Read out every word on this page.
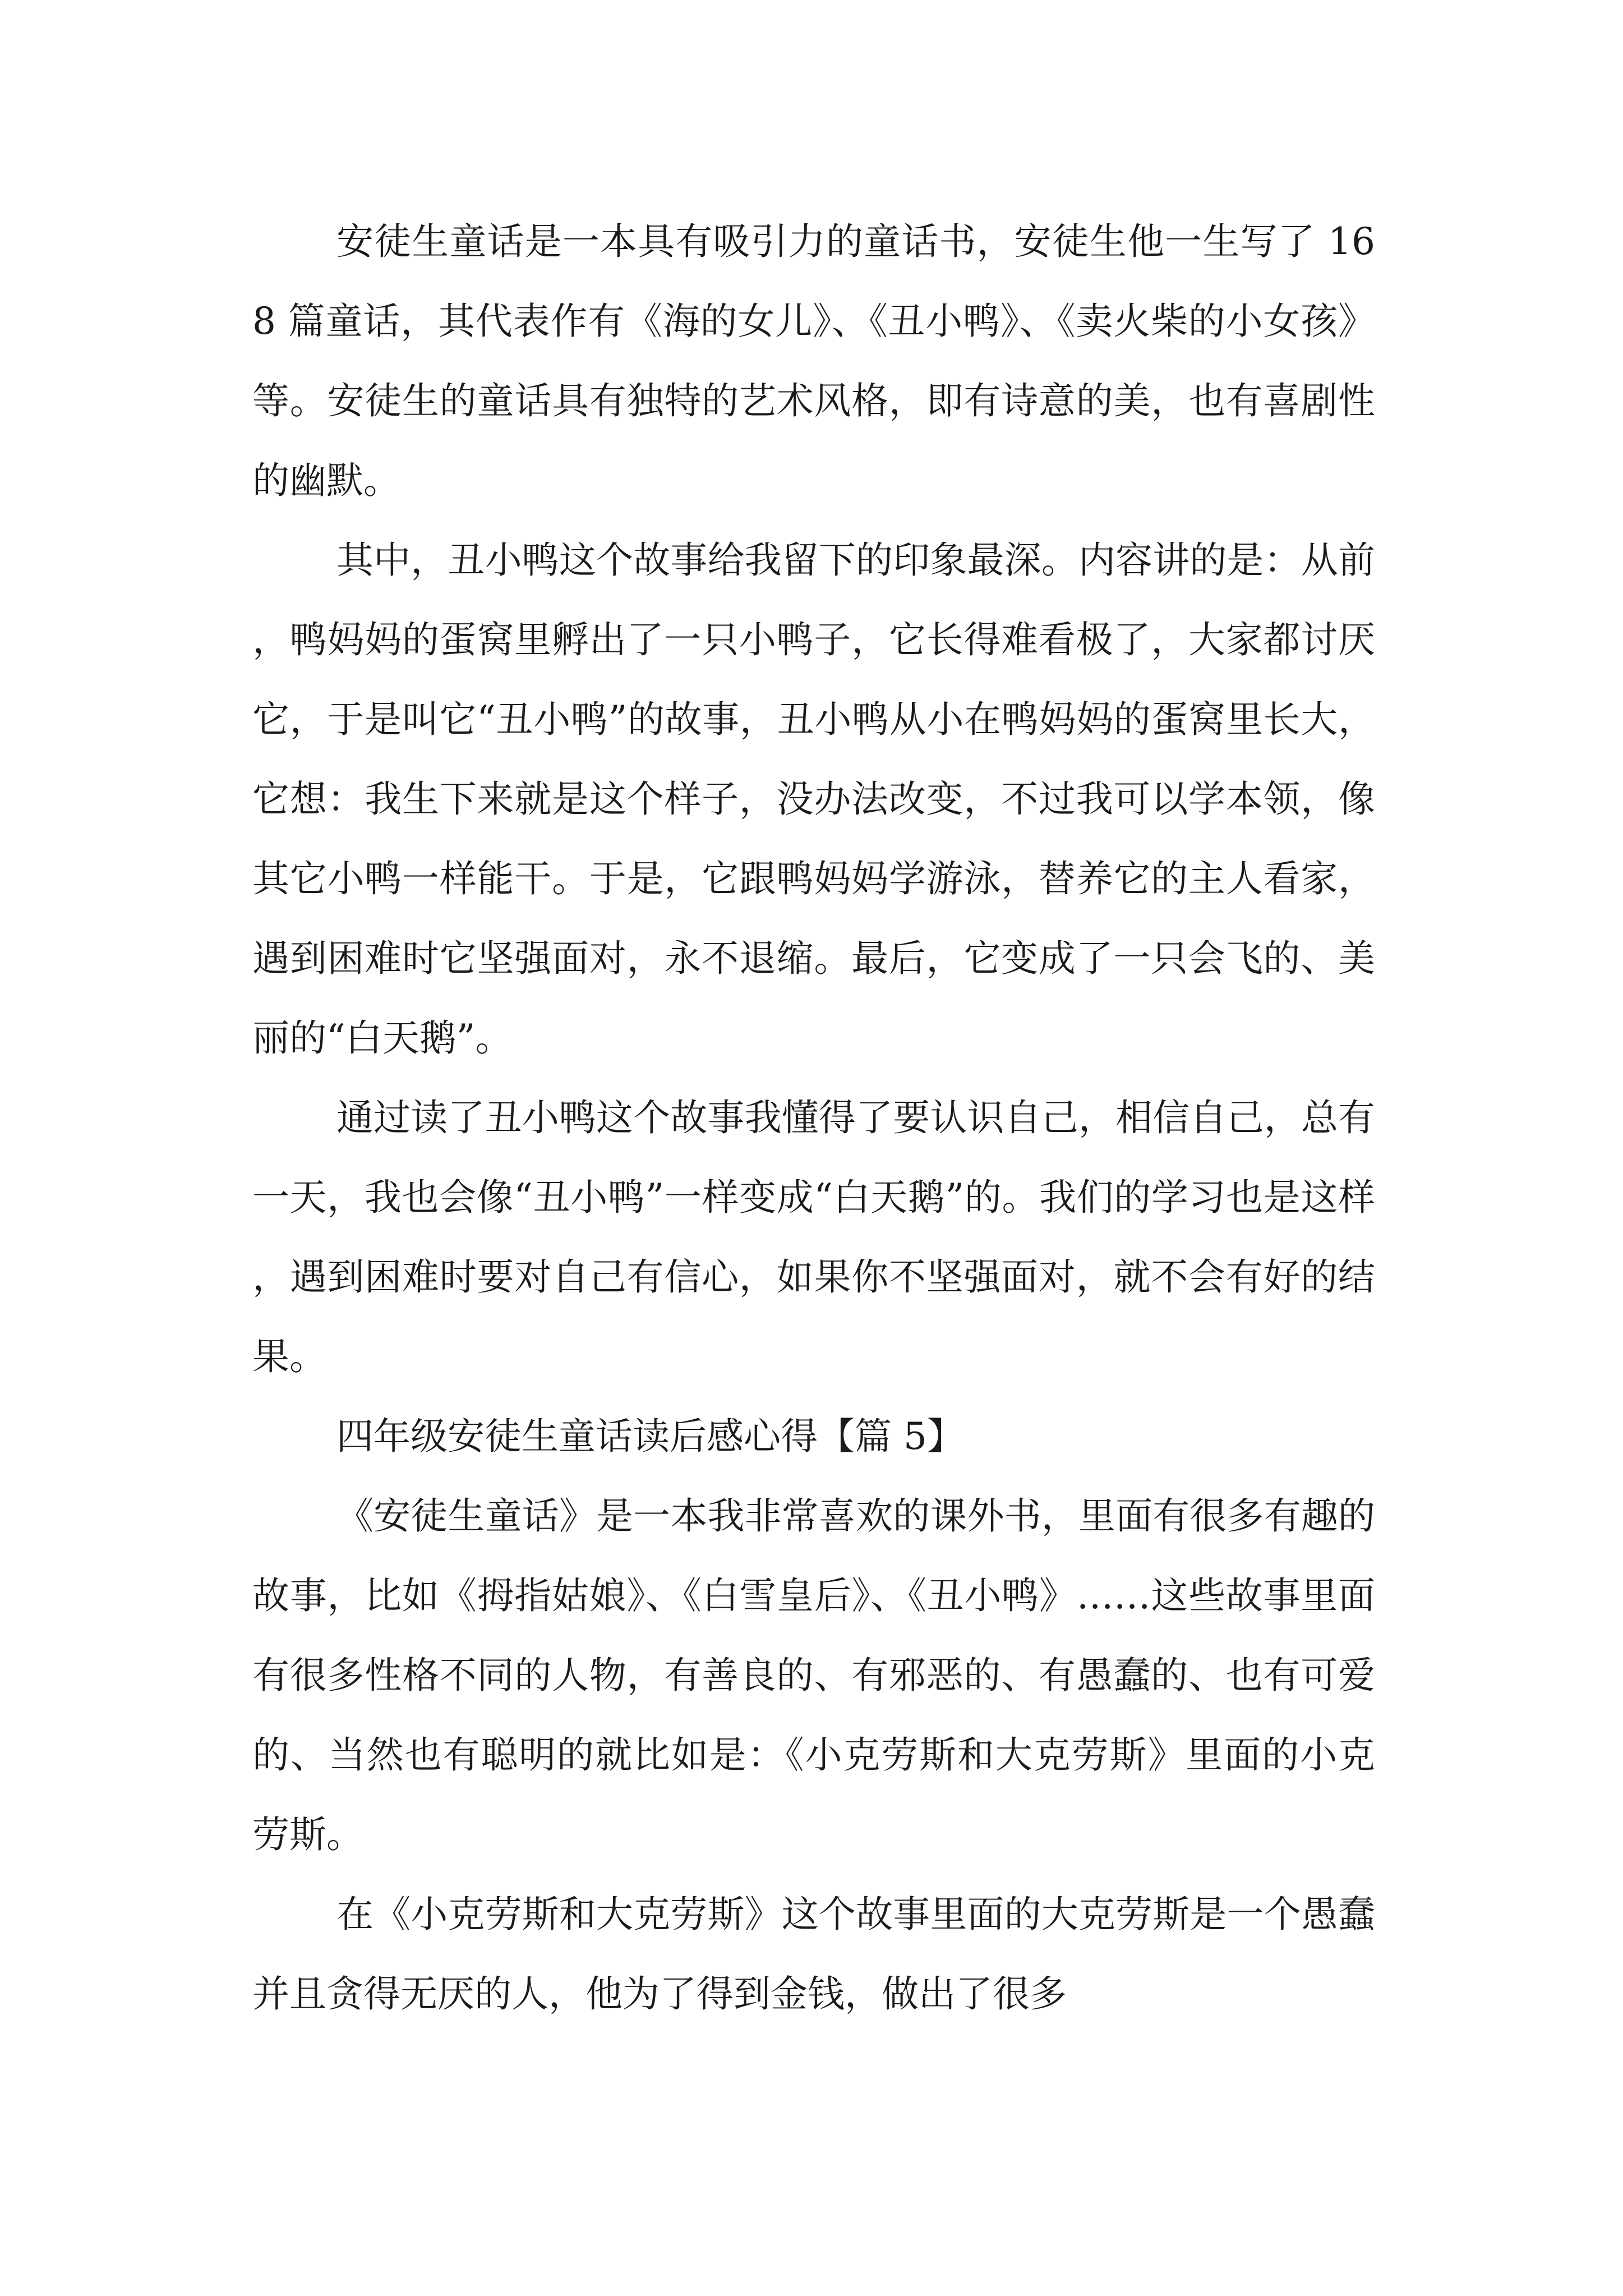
安徒生童话是一本具有吸引力的童话书，安徒生他一生写了 168 篇童话，其代表作有《海的女儿》、《丑小鸭》、《卖火柴的小女孩》等。安徒生的童话具有独特的艺术风格，即有诗意的美，也有喜剧性的幽默。

其中，丑小鸭这个故事给我留下的印象最深。内容讲的是：从前，鸭妈妈的蛋窝里孵出了一只小鸭子，它长得难看极了，大家都讨厌它，于是叫它“丑小鸭”的故事，丑小鸭从小在鸭妈妈的蛋窝里长大，它想：我生下来就是这个样子，没办法改变，不过我可以学本领，像其它小鸭一样能干。于是，它跟鸭妈妈学游泳，替养它的主人看家，遇到困难时它坚强面对，永不退缩。最后，它变成了一只会飞的、美丽的“白天鹅”。

通过读了丑小鸭这个故事我懂得了要认识自己，相信自己，总有一天，我也会像“丑小鸭”一样变成“白天鹅”的。我们的学习也是这样，遇到困难时要对自己有信心，如果你不坚强面对，就不会有好的结果。

四年级安徒生童话读后感心得【篇 5】

《安徒生童话》是一本我非常喜欢的课外书，里面有很多有趣的故事，比如《拇指姑娘》、《白雪皇后》、《丑小鸭》……这些故事里面有很多性格不同的人物，有善良的、有邪恶的、有愚蠢的、也有可爱的、当然也有聪明的就比如是：《小克劳斯和大克劳斯》里面的小克劳斯。

在《小克劳斯和大克劳斯》这个故事里面的大克劳斯是一个愚蠢并且贪得无厌的人，他为了得到金钱，做出了很多
